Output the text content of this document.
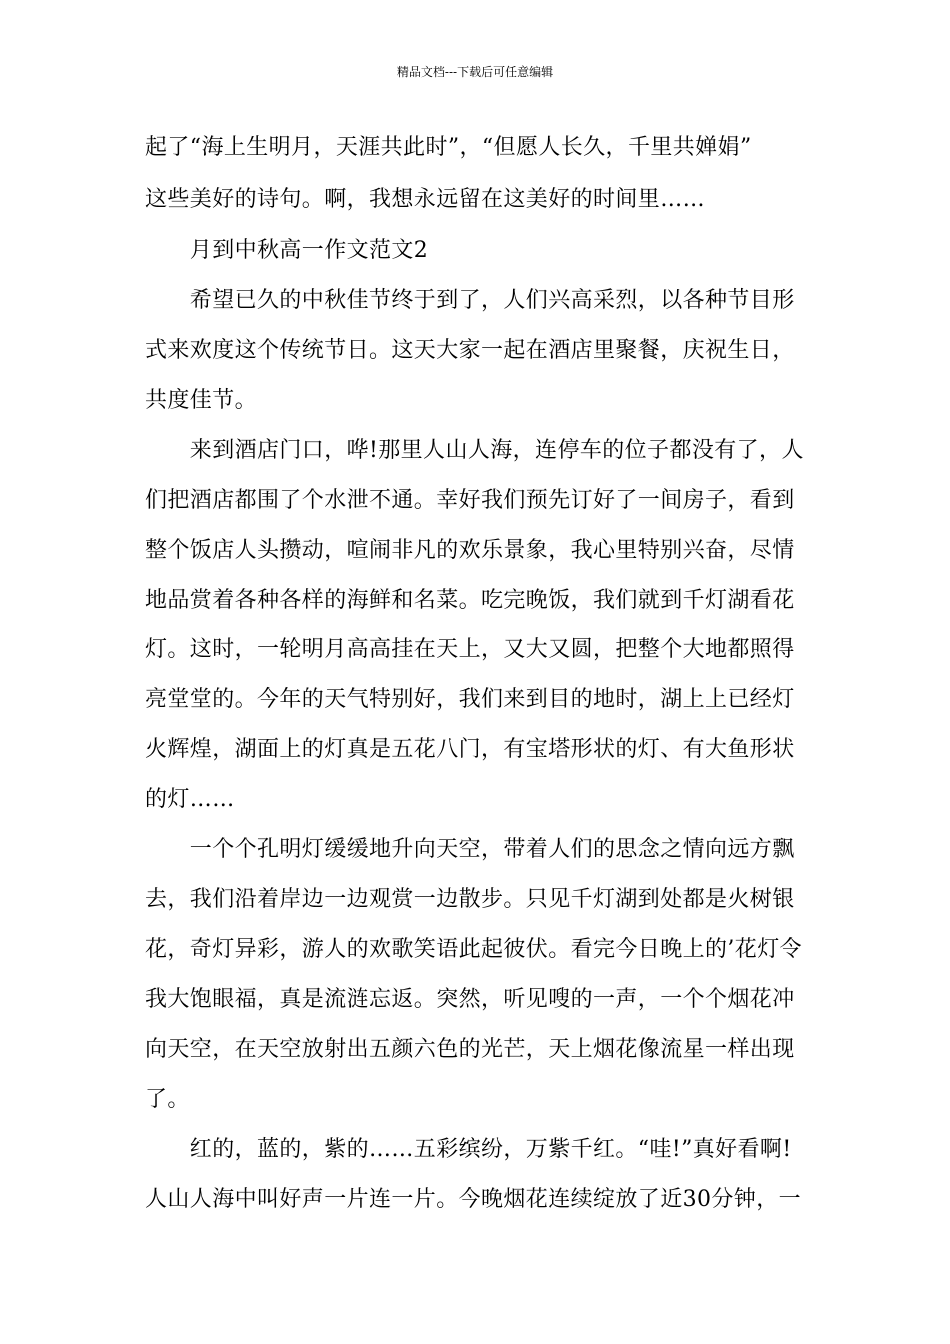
精品文档---下载后可任意编辑
起了“海上生明月，天涯共此时”，“但愿人长久，千里共婵娟”
这些美好的诗句。啊，我想永远留在这美好的时间里……
　　月到中秋高一作文范文2
　　希望已久的中秋佳节终于到了，人们兴高采烈，以各种节目形
式来欢度这个传统节日。这天大家一起在酒店里聚餐，庆祝生日，
共度佳节。
　　来到酒店门口，哗!那里人山人海，连停车的位子都没有了，人
们把酒店都围了个水泄不通。幸好我们预先订好了一间房子，看到
整个饭店人头攒动，喧闹非凡的欢乐景象，我心里特别兴奋，尽情
地品赏着各种各样的海鲜和名菜。吃完晚饭，我们就到千灯湖看花
灯。这时，一轮明月高高挂在天上，又大又圆，把整个大地都照得
亮堂堂的。今年的天气特别好，我们来到目的地时，湖上上已经灯
火辉煌，湖面上的灯真是五花八门，有宝塔形状的灯、有大鱼形状
的灯……
　　一个个孔明灯缓缓地升向天空，带着人们的思念之情向远方飘
去，我们沿着岸边一边观赏一边散步。只见千灯湖到处都是火树银
花，奇灯异彩，游人的欢歌笑语此起彼伏。看完今日晚上的’花灯令
我大饱眼福，真是流涟忘返。突然，听见嗖的一声，一个个烟花冲
向天空，在天空放射出五颜六色的光芒，天上烟花像流星一样出现
了。
　　红的，蓝的，紫的……五彩缤纷，万紫千红。“哇!”真好看啊!
人山人海中叫好声一片连一片。今晚烟花连续绽放了近30分钟，一
